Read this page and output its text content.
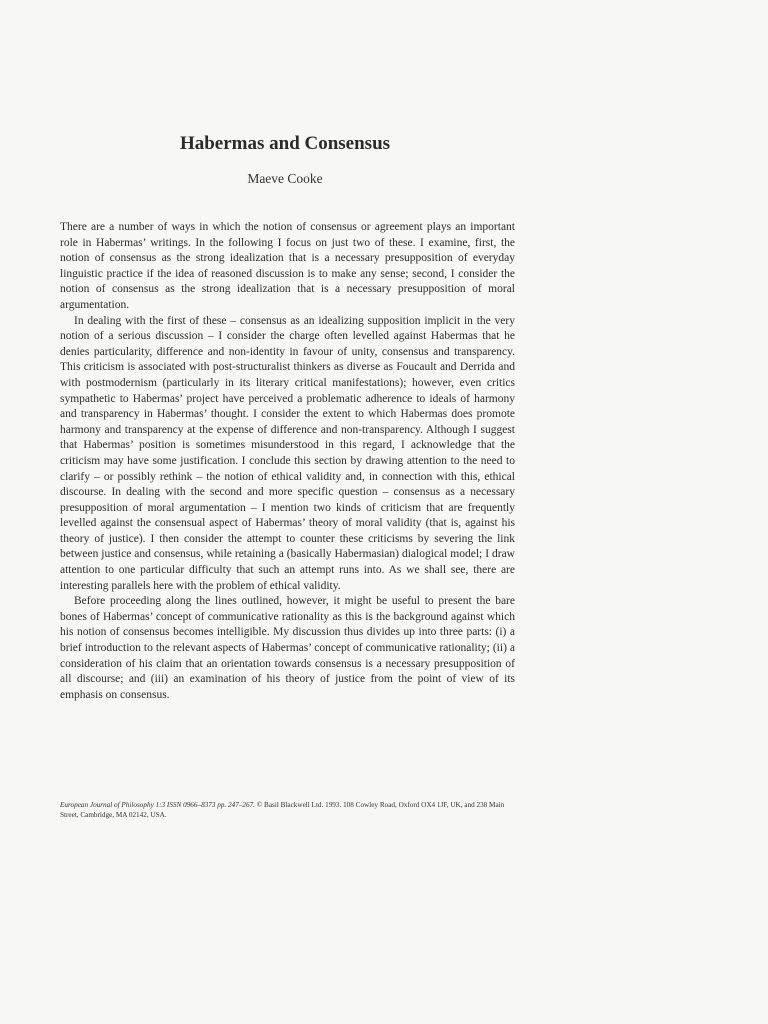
Habermas and Consensus
Maeve Cooke

There are a number of ways in which the notion of consensus or agreement plays an important role in Habermas’ writings. In the following I focus on just two of these. I examine, first, the notion of consensus as the strong idealization that is a necessary presupposition of everyday linguistic practice if the idea of reasoned discussion is to make any sense; second, I consider the notion of consensus as the strong idealization that is a necessary presupposition of moral argumentation.

In dealing with the first of these – consensus as an idealizing supposition implicit in the very notion of a serious discussion – I consider the charge often levelled against Habermas that he denies particularity, difference and non-identity in favour of unity, consensus and transparency. This criticism is associated with post-structuralist thinkers as diverse as Foucault and Derrida and with postmodernism (particularly in its literary critical manifestations); however, even critics sympathetic to Habermas’ project have perceived a problematic adherence to ideals of harmony and transparency in Habermas’ thought. I consider the extent to which Habermas does promote harmony and transparency at the expense of difference and non-transparency. Although I suggest that Habermas’ position is sometimes misunderstood in this regard, I acknowledge that the criticism may have some justification. I conclude this section by drawing attention to the need to clarify – or possibly rethink – the notion of ethical validity and, in connection with this, ethical discourse. In dealing with the second and more specific question – consensus as a necessary presupposition of moral argumentation – I mention two kinds of criticism that are frequently levelled against the consensual aspect of Habermas’ theory of moral validity (that is, against his theory of justice). I then consider the attempt to counter these criticisms by severing the link between justice and consensus, while retaining a (basically Habermasian) dialogical model; I draw attention to one particular difficulty that such an attempt runs into. As we shall see, there are interesting parallels here with the problem of ethical validity.

Before proceeding along the lines outlined, however, it might be useful to present the bare bones of Habermas’ concept of communicative rationality as this is the background against which his notion of consensus becomes intelligible. My discussion thus divides up into three parts: (i) a brief introduction to the relevant aspects of Habermas’ concept of communicative rationality; (ii) a consideration of his claim that an orientation towards consensus is a necessary presupposition of all discourse; and (iii) an examination of his theory of justice from the point of view of its emphasis on consensus.

European Journal of Philosophy 1:3 ISSN 0966–8373 pp. 247–267. © Basil Blackwell Ltd. 1993. 108 Cowley Road, Oxford OX4 1JF, UK, and 238 Main Street, Cambridge, MA 02142, USA.
